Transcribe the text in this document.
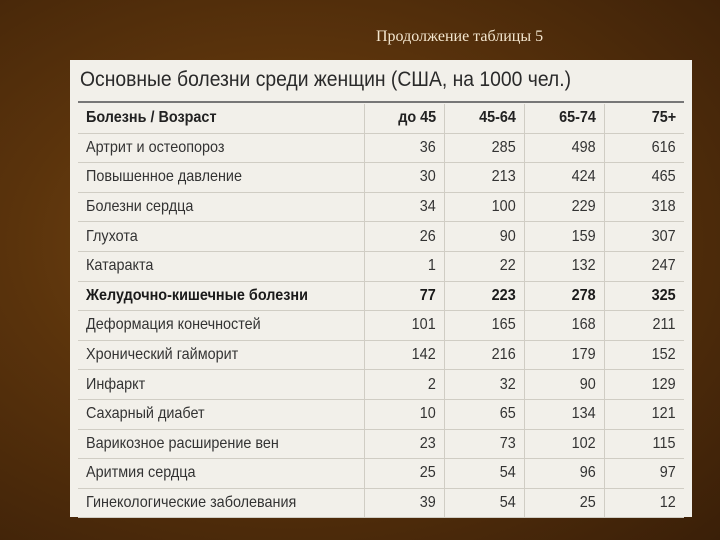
Продолжение таблицы 5
Основные болезни среди женщин (США, на 1000 чел.)
Болезнь / Возраст	до 45	45-64	65-74	75+
Артрит и остеопороз	36	285	498	616
Повышенное давление	30	213	424	465
Болезни сердца	34	100	229	318
Глухота	26	90	159	307
Катаракта	1	22	132	247
Желудочно-кишечные болезни	77	223	278	325
Деформация конечностей	101	165	168	211
Хронический гайморит	142	216	179	152
Инфаркт	2	32	90	129
Сахарный диабет	10	65	134	121
Варикозное расширение вен	23	73	102	115
Аритмия сердца	25	54	96	97
Гинекологические заболевания	39	54	25	12
